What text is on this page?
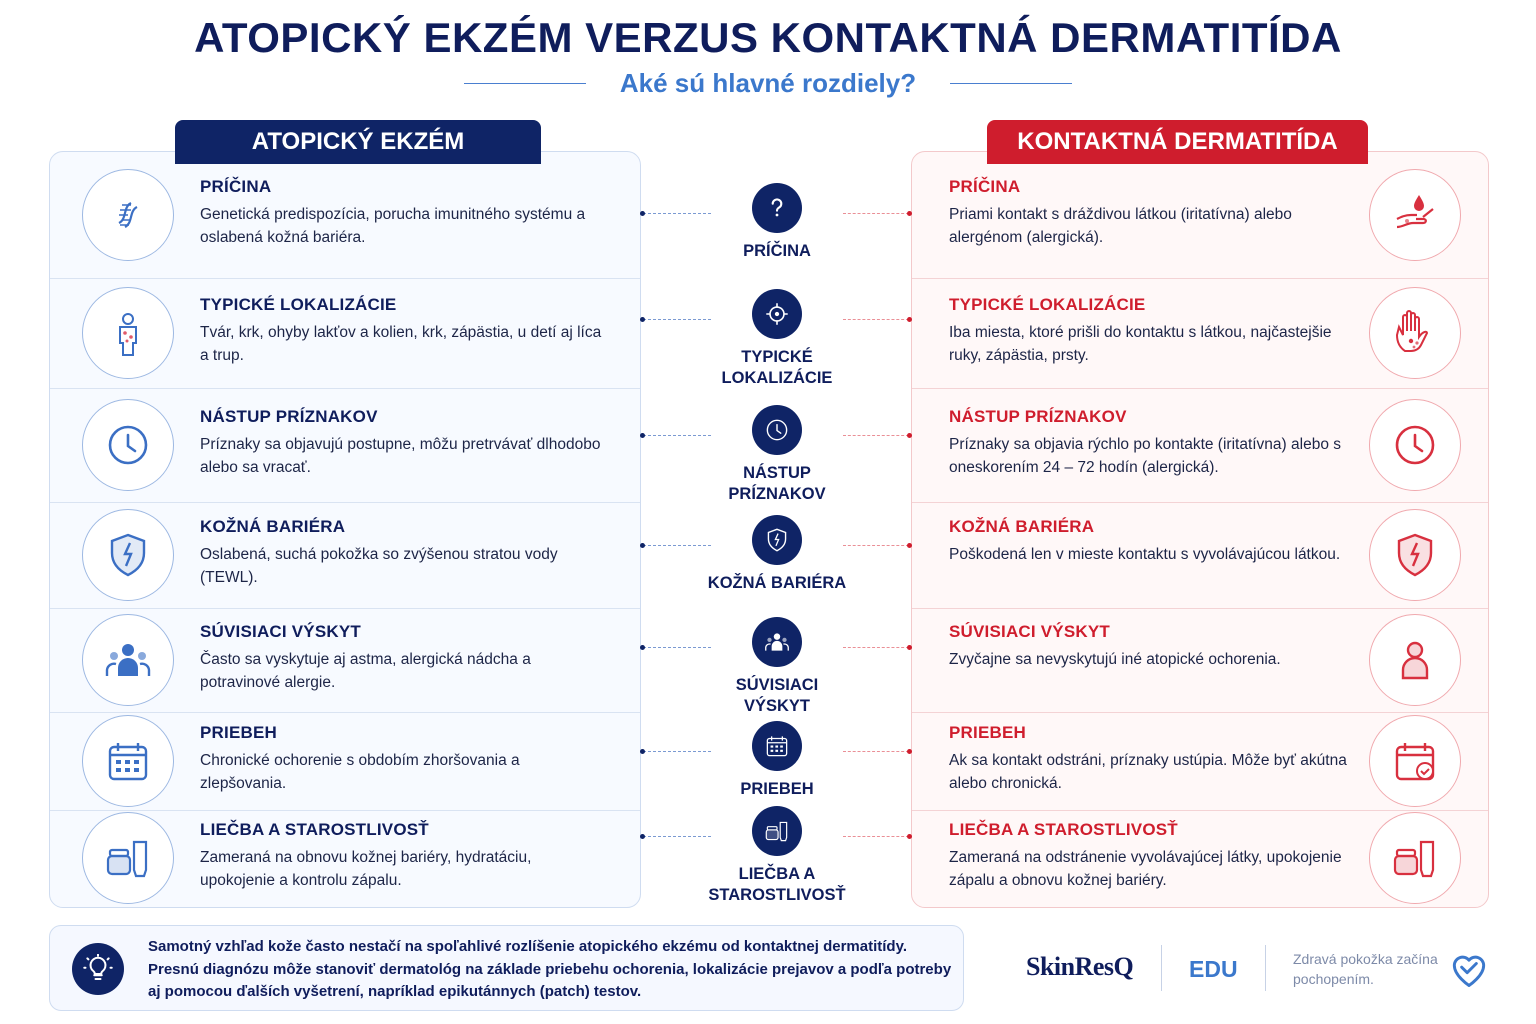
ATOPICKÝ EKZÉM VERZUS KONTAKTNÁ DERMATITÍDA
Aké sú hlavné rozdiely?
ATOPICKÝ EKZÉM	KONTAKTNÁ DERMATITÍDA
PRÍČINA
Genetická predispozícia, porucha imunitného systému a oslabená kožná bariéra.
PRÍČINA
Priami kontakt s dráždivou látkou (iritatívna) alebo alergénom (alergická).
PRÍČINA
TYPICKÉ LOKALIZÁCIE
Tvár, krk, ohyby lakťov a kolien, krk, zápästia, u detí aj líca a trup.
TYPICKÉ LOKALIZÁCIE
Iba miesta, ktoré prišli do kontaktu s látkou, najčastejšie ruky, zápästia, prsty.
TYPICKÉ LOKALIZÁCIE
NÁSTUP PRÍZNAKOV
Príznaky sa objavujú postupne, môžu pretrvávať dlhodobo alebo sa vracať.
NÁSTUP PRÍZNAKOV
Príznaky sa objavia rýchlo po kontakte (iritatívna) alebo s oneskorením 24 – 72 hodín (alergická).
NÁSTUP PRÍZNAKOV
KOŽNÁ BARIÉRA
Oslabená, suchá pokožka so zvýšenou stratou vody (TEWL).
KOŽNÁ BARIÉRA
Poškodená len v mieste kontaktu s vyvolávajúcou látkou.
KOŽNÁ BARIÉRA
SÚVISIACI VÝSKYT
Často sa vyskytuje aj astma, alergická nádcha a potravinové alergie.
SÚVISIACI VÝSKYT
Zvyčajne sa nevyskytujú iné atopické ochorenia.
SÚVISIACI VÝSKYT
PRIEBEH
Chronické ochorenie s obdobím zhoršovania a zlepšovania.
PRIEBEH
Ak sa kontakt odstráni, príznaky ustúpia. Môže byť akútna alebo chronická.
PRIEBEH
LIEČBA A STAROSTLIVOSŤ
Zameraná na obnovu kožnej bariéry, hydratáciu, upokojenie a kontrolu zápalu.
LIEČBA A STAROSTLIVOSŤ
Zameraná na odstránenie vyvolávajúcej látky, upokojenie zápalu a obnovu kožnej bariéry.
LIEČBA A STAROSTLIVOSŤ
Samotný vzhľad kože často nestačí na spoľahlivé rozlíšenie atopického ekzému od kontaktnej dermatitídy. Presnú diagnózu môže stanoviť dermatológ na základe priebehu ochorenia, lokalizácie prejavov a podľa potreby aj pomocou ďalších vyšetrení, napríklad epikutánnych (patch) testov.
SkinResQ EDU	Zdravá pokožka začína pochopením.
